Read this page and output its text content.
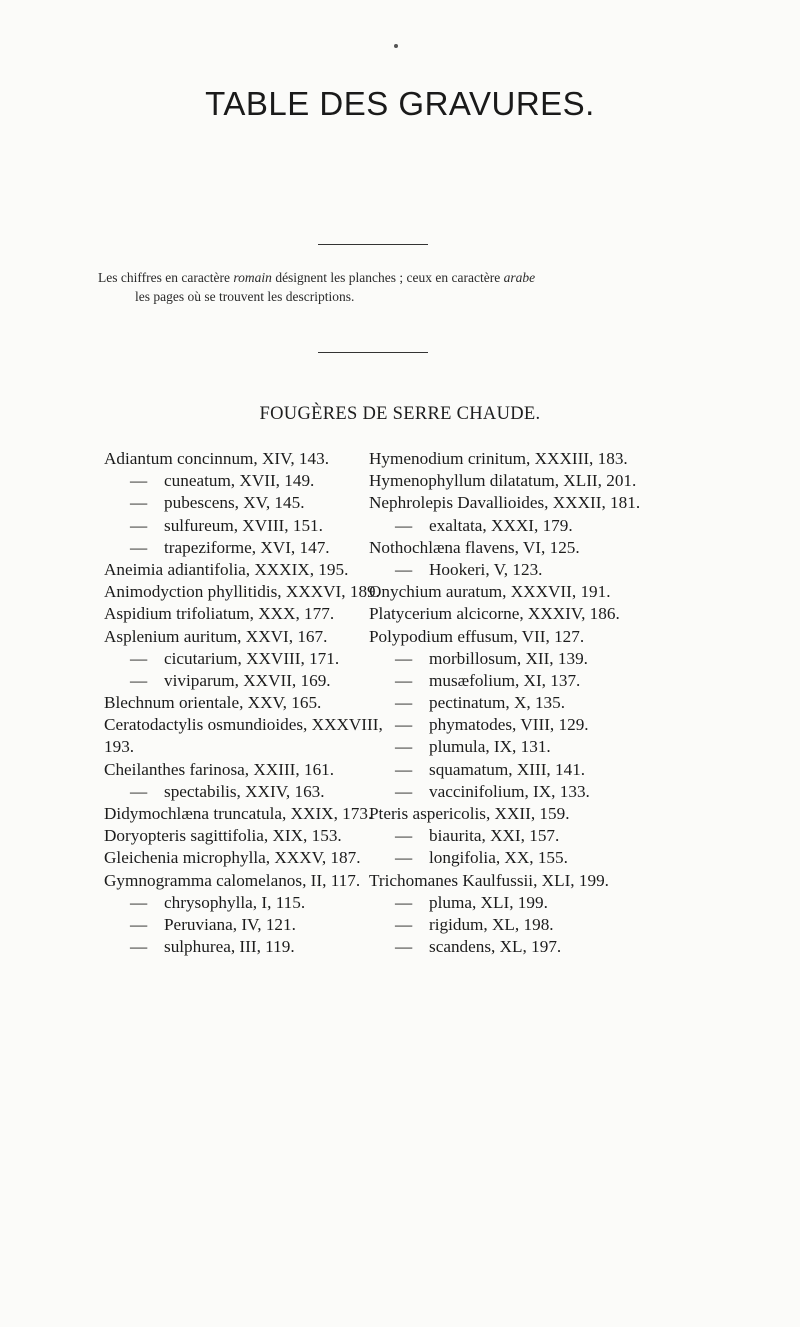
TABLE DES GRAVURES.
Les chiffres en caractère romain désignent les planches ; ceux en caractère arabe
les pages où se trouvent les descriptions.
FOUGÈRES DE SERRE CHAUDE.
Adiantum concinnum, XIV, 143.
— cuneatum, XVII, 149.
— pubescens, XV, 145.
— sulfureum, XVIII, 151.
— trapeziforme, XVI, 147.
Aneimia adiantifolia, XXXIX, 195.
Animodyction phyllitidis, XXXVI, 189.
Aspidium trifoliatum, XXX, 177.
Asplenium auritum, XXVI, 167.
— cicutarium, XXVIII, 171.
— viviparum, XXVII, 169.
Blechnum orientale, XXV, 165.
Ceratodactylis osmundioides, XXXVIII,
193.
Cheilanthes farinosa, XXIII, 161.
— spectabilis, XXIV, 163.
Didymochlæna truncatula, XXIX, 173.
Doryopteris sagittifolia, XIX, 153.
Gleichenia microphylla, XXXV, 187.
Gymnogramma calomelanos, II, 117.
— chrysophylla, I, 115.
— Peruviana, IV, 121.
— sulphurea, III, 119.
Hymenodium crinitum, XXXIII, 183.
Hymenophyllum dilatatum, XLII, 201.
Nephrolepis Davallioides, XXXII, 181.
— exaltata, XXXI, 179.
Nothochlæna flavens, VI, 125.
— Hookeri, V, 123.
Onychium auratum, XXXVII, 191.
Platycerium alcicorne, XXXIV, 186.
Polypodium effusum, VII, 127.
— morbillosum, XII, 139.
— musæfolium, XI, 137.
— pectinatum, X, 135.
— phymatodes, VIII, 129.
— plumula, IX, 131.
— squamatum, XIII, 141.
— vaccinifolium, IX, 133.
Pteris aspericolis, XXII, 159.
— biaurita, XXI, 157.
— longifolia, XX, 155.
Trichomanes Kaulfussii, XLI, 199.
— pluma, XLI, 199.
— rigidum, XL, 198.
— scandens, XL, 197.
